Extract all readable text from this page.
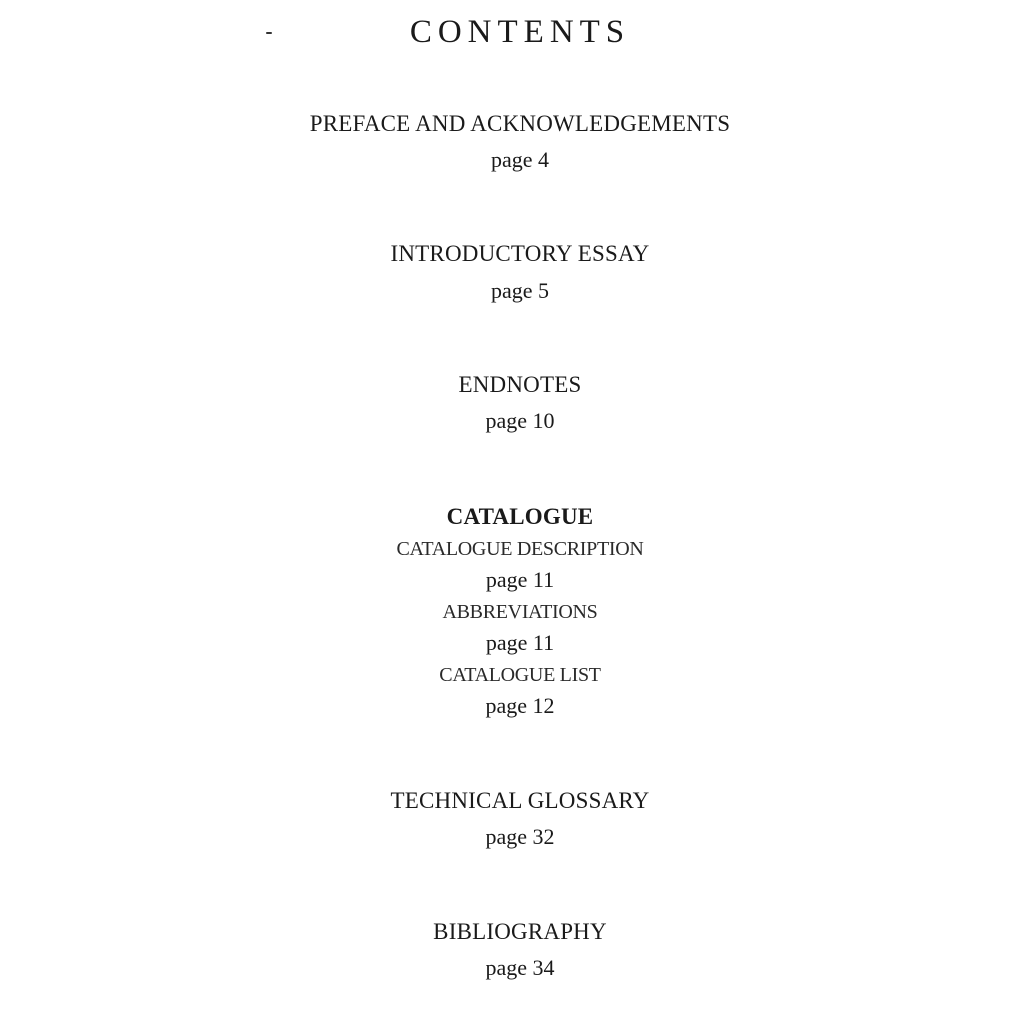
CONTENTS
PREFACE AND ACKNOWLEDGEMENTS
page 4
INTRODUCTORY ESSAY
page 5
ENDNOTES
page 10
CATALOGUE
CATALOGUE DESCRIPTION
page 11
ABBREVIATIONS
page 11
CATALOGUE LIST
page 12
TECHNICAL GLOSSARY
page 32
BIBLIOGRAPHY
page 34
